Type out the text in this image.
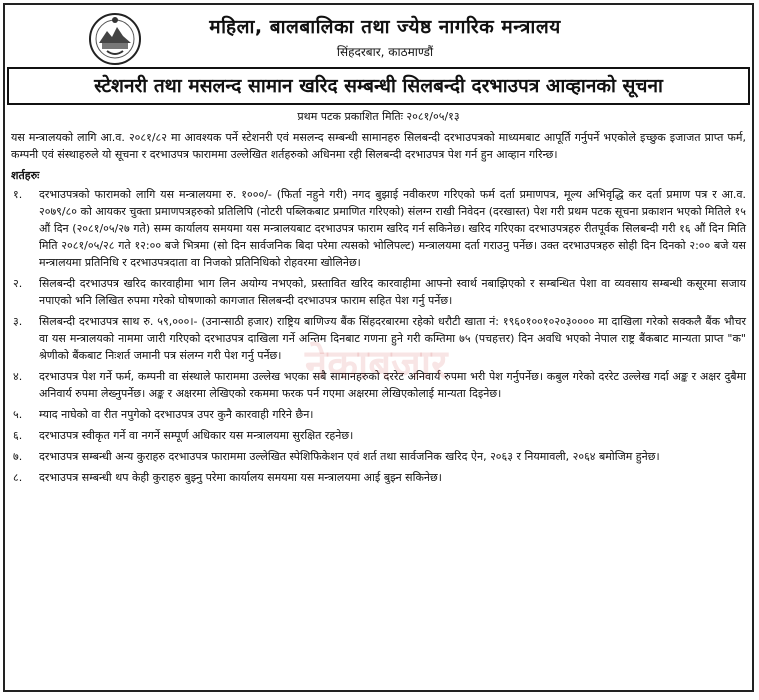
महिला, बालबालिका तथा ज्येष्ठ नागरिक मन्त्रालय
सिंहदरबार, काठमाण्डौं
स्टेशनरी तथा मसलन्द सामान खरिद सम्बन्धी सिलबन्दी दरभाउपत्र आव्हानको सूचना
प्रथम पटक प्रकाशित मितिः २०८१/०५/१३

यस मन्त्रालयको लागि आ.व. २०८१/८२ मा आवश्यक पर्ने स्टेशनरी एवं मसलन्द सम्बन्धी सामानहरु सिलबन्दी दरभाउपत्रको माध्यमबाट आपूर्ति गर्नुपर्ने भएकोले इच्छुक इजाजत प्राप्त फर्म, कम्पनी एवं संस्थाहरुले यो सूचना र दरभाउपत्र फाराममा उल्लेखित शर्तहरुको अधिनमा रही सिलबन्दी दरभाउपत्र पेश गर्न हुन आव्हान गरिन्छ।

शर्तहरुः
१.	दरभाउपत्रको फारामको लागि यस मन्त्रालयमा रु. १०००/- (फिर्ता नहुने गरी) नगद बुझाई नवीकरण गरिएको फर्म दर्ता प्रमाणपत्र, मूल्य अभिवृद्धि कर दर्ता प्रमाण पत्र र आ.व. २०७९/८० को आयकर चुक्ता प्रमाणपत्रहरुको प्रतिलिपि (नोटरी पब्लिकबाट प्रमाणित गरिएको) संलग्न राखी निवेदन (दरखास्त) पेश गरी प्रथम पटक सूचना प्रकाशन भएको मितिले १५ औं दिन (२०८१/०५/२७ गते) सम्म कार्यालय समयमा यस मन्त्रालयबाट दरभाउपत्र फाराम खरिद गर्न सकिनेछ। खरिद गरिएका दरभाउपत्रहरु रीतपूर्वक सिलबन्दी गरी १६ औं दिन मिति मिति २०८१/०५/२८ गते १२:०० बजे भित्रमा (सो दिन सार्वजनिक बिदा परेमा त्यसको भोलिपल्ट) मन्त्रालयमा दर्ता गराउनु पर्नेछ। उक्त दरभाउपत्रहरु सोही दिन दिनको २:०० बजे यस मन्त्रालयमा प्रतिनिधि र दरभाउपत्रदाता वा निजको प्रतिनिधिको रोहवरमा खोलिनेछ।
२.	सिलबन्दी दरभाउपत्र खरिद कारवाहीमा भाग लिन अयोग्य नभएको, प्रस्तावित खरिद कारवाहीमा आफ्नो स्वार्थ नबाझिएको र सम्बन्धित पेशा वा व्यवसाय सम्बन्धी कसूरमा सजाय नपाएको भनि लिखित रुपमा गरेको घोषणाको कागजात सिलबन्दी दरभाउपत्र फाराम सहित पेश गर्नु पर्नेछ।
३.	सिलबन्दी दरभाउपत्र साथ रु. ५९,०००।- (उनान्साठी हजार) राष्ट्रिय बाणिज्य बैंक सिंहदरबारमा रहेको धरौटी खाता नं: १९६०१००१०२०३०००० मा दाखिला गरेको सक्कलै बैंक भौचर वा यस मन्त्रालयको नाममा जारी गरिएको दरभाउपत्र दाखिला गर्ने अन्तिम दिनबाट गणना हुने गरी कम्तिमा ७५ (पचहत्तर) दिन अवधि भएको नेपाल राष्ट्र बैंकबाट मान्यता प्राप्त "क" श्रेणीको बैंकबाट निःशर्त जमानी पत्र संलग्न गरी पेश गर्नु पर्नेछ।
४.	दरभाउपत्र पेश गर्ने फर्म, कम्पनी वा संस्थाले फाराममा उल्लेख भएका सबै सामानहरुको दररेट अनिवार्य रुपमा भरी पेश गर्नुपर्नेछ। कबुल गरेको दररेट उल्लेख गर्दा अङ्क र अक्षर दुबैमा अनिवार्य रुपमा लेख्नुपर्नेछ। अङ्क र अक्षरमा लेखिएको रकममा फरक पर्न गएमा अक्षरमा लेखिएकोलाई मान्यता दिइनेछ।
५.	म्याद नाघेको वा रीत नपुगेको दरभाउपत्र उपर कुनै कारवाही गरिने छैन।
६.	दरभाउपत्र स्वीकृत गर्ने वा नगर्ने सम्पूर्ण अधिकार यस मन्त्रालयमा सुरक्षित रहनेछ।
७.	दरभाउपत्र सम्बन्धी अन्य कुराहरु दरभाउपत्र फाराममा उल्लेखित स्पेशिफिकेशन एवं शर्त तथा सार्वजनिक खरिद ऐन, २०६३ र नियमावली, २०६४ बमोजिम हुनेछ।
८.	दरभाउपत्र सम्बन्धी थप केही कुराहरु बुझ्नु परेमा कार्यालय समयमा यस मन्त्रालयमा आई बुझ्न सकिनेछ।
नेकाबजार
